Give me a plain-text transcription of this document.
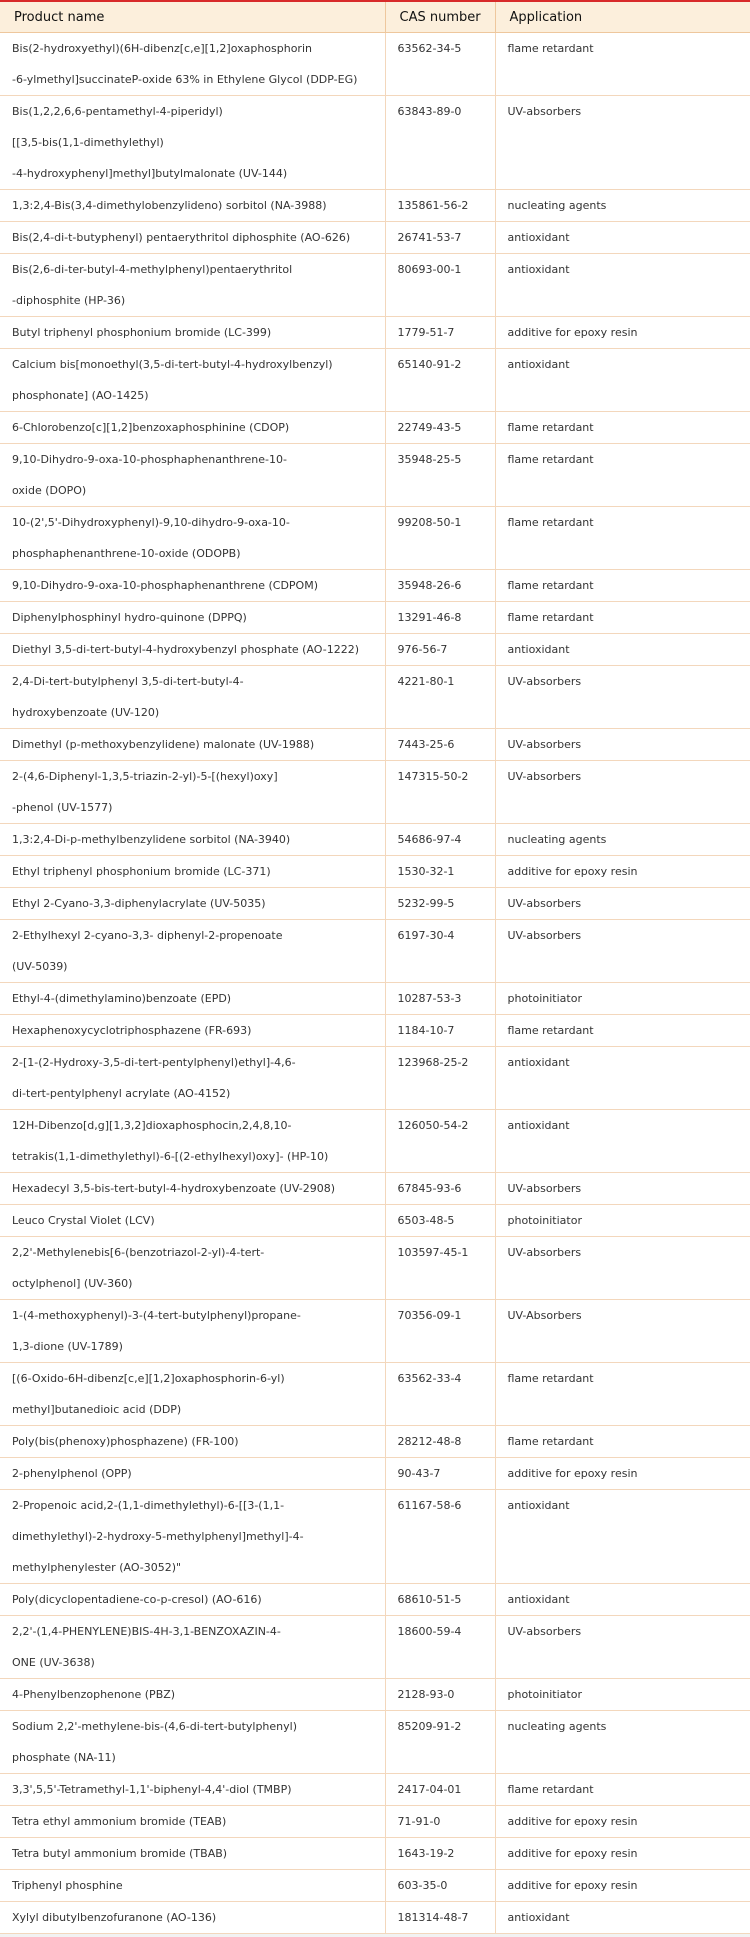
Product name	CAS number	Application

Bis(2-hydroxyethyl)(6H-dibenz[c,e][1,2]oxaphosphorin
-6-ylmethyl]succinateP-oxide 63% in Ethylene Glycol (DDP-EG)	63562-34-5	flame retardant

Bis(1,2,2,6,6-pentamethyl-4-piperidyl)
[[3,5-bis(1,1-dimethylethyl)
-4-hydroxyphenyl]methyl]butylmalonate (UV-144)	63843-89-0	UV-absorbers

1,3:2,4-Bis(3,4-dimethylobenzylideno) sorbitol (NA-3988)	135861-56-2	nucleating agents

Bis(2,4-di-t-butyphenyl) pentaerythritol diphosphite (AO-626)	26741-53-7	antioxidant

Bis(2,6-di-ter-butyl-4-methylphenyl)pentaerythritol
-diphosphite (HP-36)	80693-00-1	antioxidant

Butyl triphenyl phosphonium bromide (LC-399)	1779-51-7	additive for epoxy resin

Calcium bis[monoethyl(3,5-di-tert-butyl-4-hydroxylbenzyl)
phosphonate] (AO-1425)	65140-91-2	antioxidant

6-Chlorobenzo[c][1,2]benzoxaphosphinine (CDOP)	22749-43-5	flame retardant

9,10-Dihydro-9-oxa-10-phosphaphenanthrene-10-
oxide (DOPO)	35948-25-5	flame retardant

10-(2',5'-Dihydroxyphenyl)-9,10-dihydro-9-oxa-10-
phosphaphenanthrene-10-oxide (ODOPB)	99208-50-1	flame retardant

9,10-Dihydro-9-oxa-10-phosphaphenanthrene (CDPOM)	35948-26-6	flame retardant

Diphenylphosphinyl hydro-quinone (DPPQ)	13291-46-8	flame retardant

Diethyl 3,5-di-tert-butyl-4-hydroxybenzyl phosphate (AO-1222)	976-56-7	antioxidant

2,4-Di-tert-butylphenyl 3,5-di-tert-butyl-4-
hydroxybenzoate (UV-120)	4221-80-1	UV-absorbers

Dimethyl (p-methoxybenzylidene) malonate (UV-1988)	7443-25-6	UV-absorbers

2-(4,6-Diphenyl-1,3,5-triazin-2-yl)-5-[(hexyl)oxy]
-phenol (UV-1577)	147315-50-2	UV-absorbers

1,3:2,4-Di-p-methylbenzylidene sorbitol (NA-3940)	54686-97-4	nucleating agents

Ethyl triphenyl phosphonium bromide (LC-371)	1530-32-1	additive for epoxy resin

Ethyl 2-Cyano-3,3-diphenylacrylate (UV-5035)	5232-99-5	UV-absorbers

2-Ethylhexyl 2-cyano-3,3- diphenyl-2-propenoate
(UV-5039)	6197-30-4	UV-absorbers

Ethyl-4-(dimethylamino)benzoate (EPD)	10287-53-3	photoinitiator

Hexaphenoxycyclotriphosphazene (FR-693)	1184-10-7	flame retardant

2-[1-(2-Hydroxy-3,5-di-tert-pentylphenyl)ethyl]-4,6-
di-tert-pentylphenyl acrylate (AO-4152)	123968-25-2	antioxidant

12H-Dibenzo[d,g][1,3,2]dioxaphosphocin,2,4,8,10-
tetrakis(1,1-dimethylethyl)-6-[(2-ethylhexyl)oxy]- (HP-10)	126050-54-2	antioxidant

Hexadecyl 3,5-bis-tert-butyl-4-hydroxybenzoate (UV-2908)	67845-93-6	UV-absorbers

Leuco Crystal Violet (LCV)	6503-48-5	photoinitiator

2,2'-Methylenebis[6-(benzotriazol-2-yl)-4-tert-
octylphenol] (UV-360)	103597-45-1	UV-absorbers

1-(4-methoxyphenyl)-3-(4-tert-butylphenyl)propane-
1,3-dione (UV-1789)	70356-09-1	UV-Absorbers

[(6-Oxido-6H-dibenz[c,e][1,2]oxaphosphorin-6-yl)
methyl]butanedioic acid (DDP)	63562-33-4	flame retardant

Poly(bis(phenoxy)phosphazene) (FR-100)	28212-48-8	flame retardant

2-phenylphenol (OPP)	90-43-7	additive for epoxy resin

2-Propenoic acid,2-(1,1-dimethylethyl)-6-[[3-(1,1-
dimethylethyl)-2-hydroxy-5-methylphenyl]methyl]-4-
methylphenylester (AO-3052)"	61167-58-6	antioxidant

Poly(dicyclopentadiene-co-p-cresol) (AO-616)	68610-51-5	antioxidant

2,2'-(1,4-PHENYLENE)BIS-4H-3,1-BENZOXAZIN-4-
ONE (UV-3638)	18600-59-4	UV-absorbers

4-Phenylbenzophenone (PBZ)	2128-93-0	photoinitiator

Sodium 2,2'-methylene-bis-(4,6-di-tert-butylphenyl)
phosphate (NA-11)	85209-91-2	nucleating agents

3,3',5,5'-Tetramethyl-1,1'-biphenyl-4,4'-diol (TMBP)	2417-04-01	flame retardant

Tetra ethyl ammonium bromide (TEAB)	71-91-0	additive for epoxy resin

Tetra butyl ammonium bromide (TBAB)	1643-19-2	additive for epoxy resin

Triphenyl phosphine	603-35-0	additive for epoxy resin

Xylyl dibutylbenzofuranone (AO-136)	181314-48-7	antioxidant
